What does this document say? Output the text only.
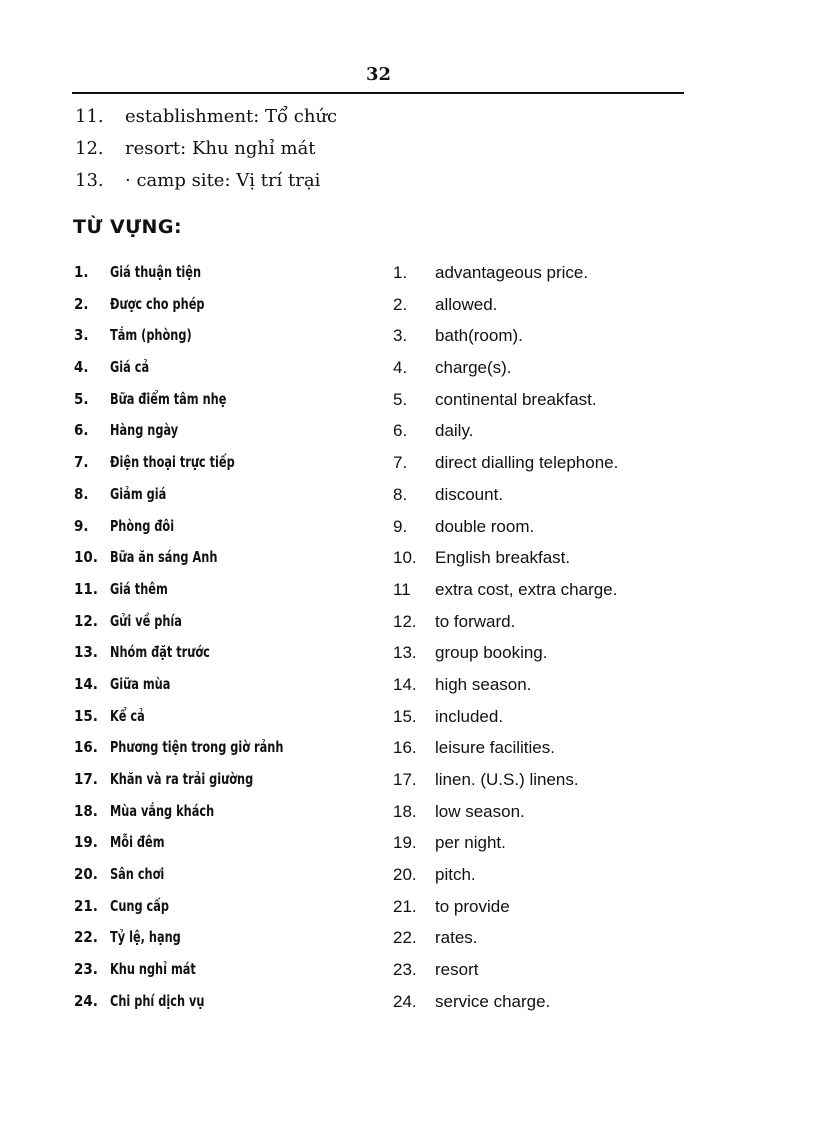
32
11. establishment: Tổ chức
12. resort: Khu nghỉ mát
13. · camp site: Vị trí trại
TỪ VỰNG:
1. Giá thuận tiện
2. Được cho phép
3. Tắm (phòng)
4. Giá cả
5. Bữa điểm tâm nhẹ
6. Hàng ngày
7. Điện thoại trực tiếp
8. Giảm giá
9. Phòng đôi
10. Bữa ăn sáng Anh
11. Giá thêm
12. Gửi về phía
13. Nhóm đặt trước
14. Giữa mùa
15. Kể cả
16. Phương tiện trong giờ rảnh
17. Khăn và ra trải giường
18. Mùa vắng khách
19. Mỗi đêm
20. Sân chơi
21. Cung cấp
22. Tỷ lệ, hạng
23. Khu nghỉ mát
24. Chi phí dịch vụ
1. advantageous price.
2. allowed.
3. bath(room).
4. charge(s).
5. continental breakfast.
6. daily.
7. direct dialling telephone.
8. discount.
9. double room.
10. English breakfast.
11 extra cost, extra charge.
12. to forward.
13. group booking.
14. high season.
15. included.
16. leisure facilities.
17. linen. (U.S.) linens.
18. low season.
19. per night.
20. pitch.
21. to provide
22. rates.
23. resort
24. service charge.
